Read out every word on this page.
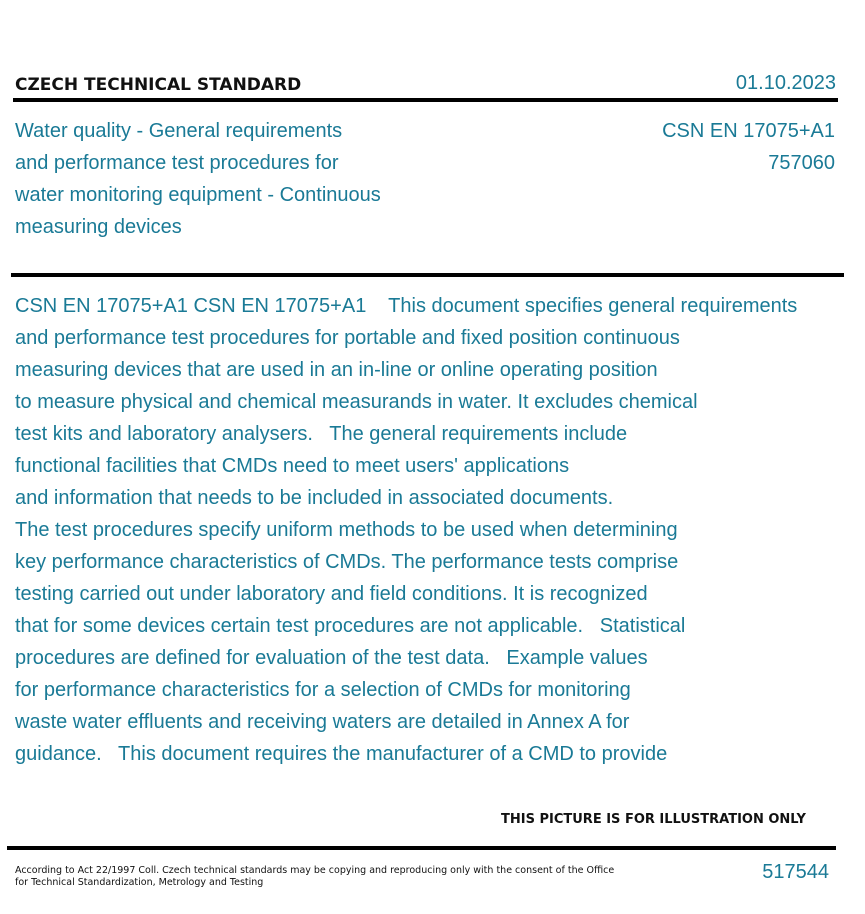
CZECH TECHNICAL STANDARD	01.10.2023
Water quality - General requirements
and performance test procedures for
water monitoring equipment - Continuous
measuring devices
CSN EN 17075+A1
757060
CSN EN 17075+A1 CSN EN 17075+A1    This document specifies general requirements
and performance test procedures for portable and fixed position continuous
measuring devices that are used in an in-line or online operating position
to measure physical and chemical measurands in water. It excludes chemical
test kits and laboratory analysers.   The general requirements include
functional facilities that CMDs need to meet users' applications
and information that needs to be included in associated documents.
The test procedures specify uniform methods to be used when determining
key performance characteristics of CMDs. The performance tests comprise
testing carried out under laboratory and field conditions. It is recognized
that for some devices certain test procedures are not applicable.   Statistical
procedures are defined for evaluation of the test data.   Example values
for performance characteristics for a selection of CMDs for monitoring
waste water effluents and receiving waters are detailed in Annex A for
guidance.   This document requires the manufacturer of a CMD to provide
THIS PICTURE IS FOR ILLUSTRATION ONLY
According to Act 22/1997 Coll. Czech technical standards may be copying and reproducing only with the consent of the Office
for Technical Standardization, Metrology and Testing	517544
